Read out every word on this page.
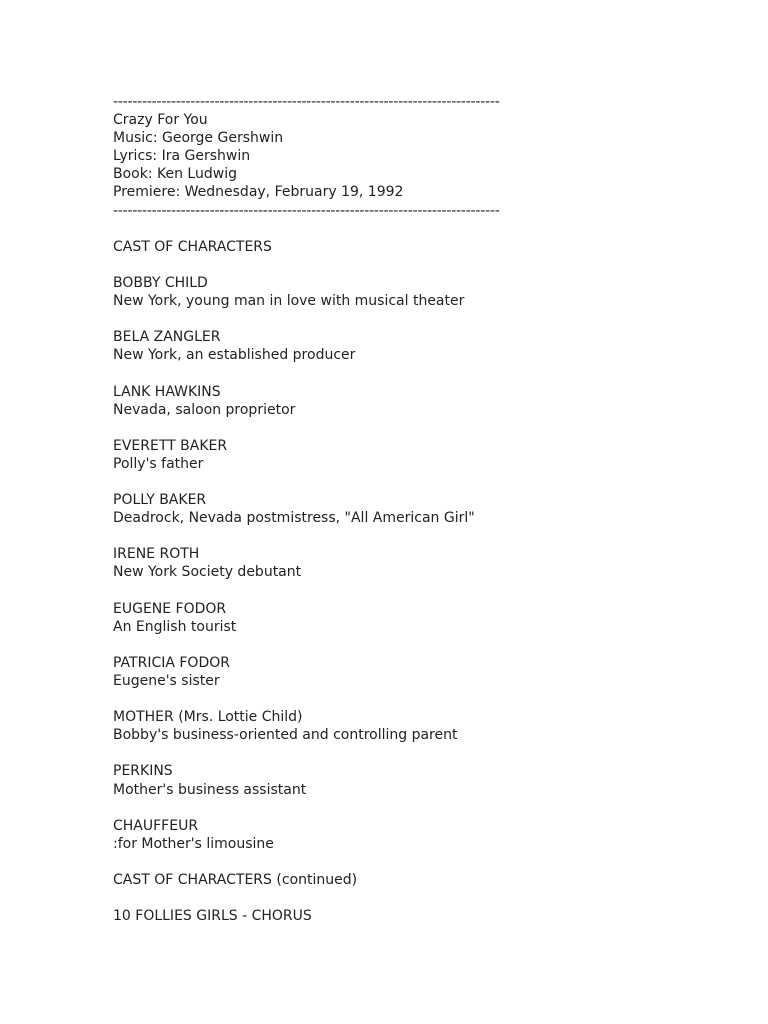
--------------------------------------------------------------------------------
Crazy For You
Music: George Gershwin
Lyrics: Ira Gershwin
Book: Ken Ludwig
Premiere: Wednesday, February 19, 1992
--------------------------------------------------------------------------------
CAST OF CHARACTERS
BOBBY CHILD
New York, young man in love with musical theater
BELA ZANGLER
New York, an established producer
LANK HAWKINS
Nevada, saloon proprietor
EVERETT BAKER
Polly's father
POLLY BAKER
Deadrock, Nevada postmistress, "All American Girl"
IRENE ROTH
New York Society debutant
EUGENE FODOR
An English tourist
PATRICIA FODOR
Eugene's sister
MOTHER (Mrs. Lottie Child)
Bobby's business-oriented and controlling parent
PERKINS
Mother's business assistant
CHAUFFEUR
:for Mother's limousine
CAST OF CHARACTERS (continued)
10 FOLLIES GIRLS - CHORUS
